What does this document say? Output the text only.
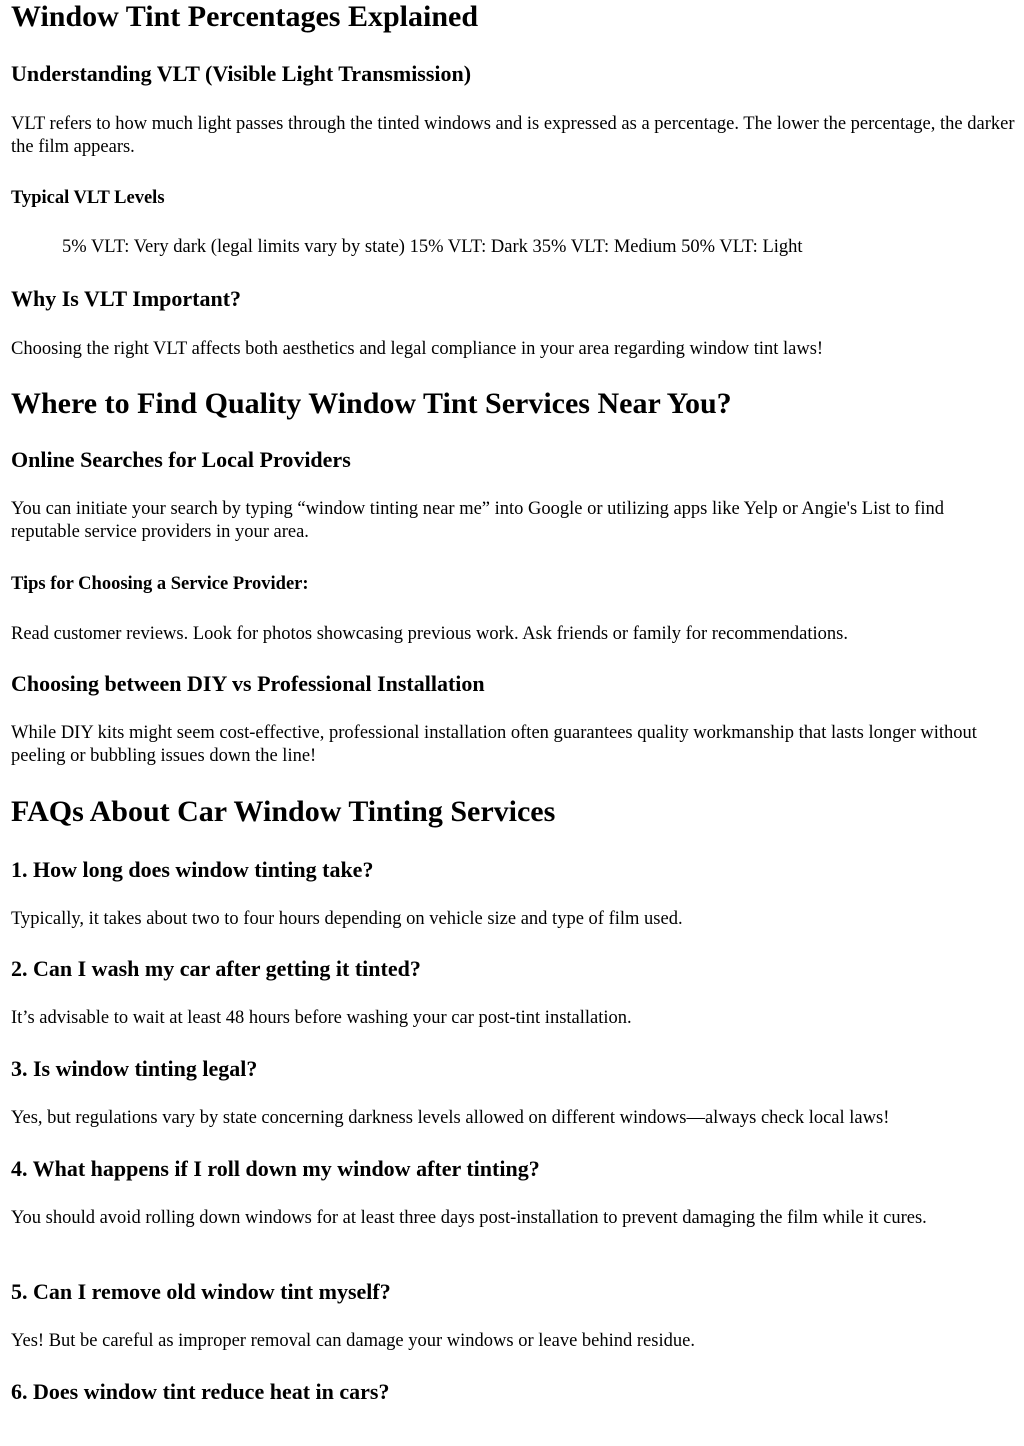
Window Tint Percentages Explained
Understanding VLT (Visible Light Transmission)

VLT refers to how much light passes through the tinted windows and is expressed as a percentage. The lower the percentage, the darker the film appears.

Typical VLT Levels

5% VLT: Very dark (legal limits vary by state) 15% VLT: Dark 35% VLT: Medium 50% VLT: Light

Why Is VLT Important?

Choosing the right VLT affects both aesthetics and legal compliance in your area regarding window tint laws!

Where to Find Quality Window Tint Services Near You?
Online Searches for Local Providers

You can initiate your search by typing “window tinting near me” into Google or utilizing apps like Yelp or Angie's List to find reputable service providers in your area.

Tips for Choosing a Service Provider:

Read customer reviews. Look for photos showcasing previous work. Ask friends or family for recommendations.

Choosing between DIY vs Professional Installation

While DIY kits might seem cost-effective, professional installation often guarantees quality workmanship that lasts longer without peeling or bubbling issues down the line!

FAQs About Car Window Tinting Services
1. How long does window tinting take?

Typically, it takes about two to four hours depending on vehicle size and type of film used.

2. Can I wash my car after getting it tinted?

It’s advisable to wait at least 48 hours before washing your car post-tint installation.

3. Is window tinting legal?

Yes, but regulations vary by state concerning darkness levels allowed on different windows—always check local laws!

4. What happens if I roll down my window after tinting?

You should avoid rolling down windows for at least three days post-installation to prevent damaging the film while it cures.

5. Can I remove old window tint myself?

Yes! But be careful as improper removal can damage your windows or leave behind residue.

6. Does window tint reduce heat in cars?
